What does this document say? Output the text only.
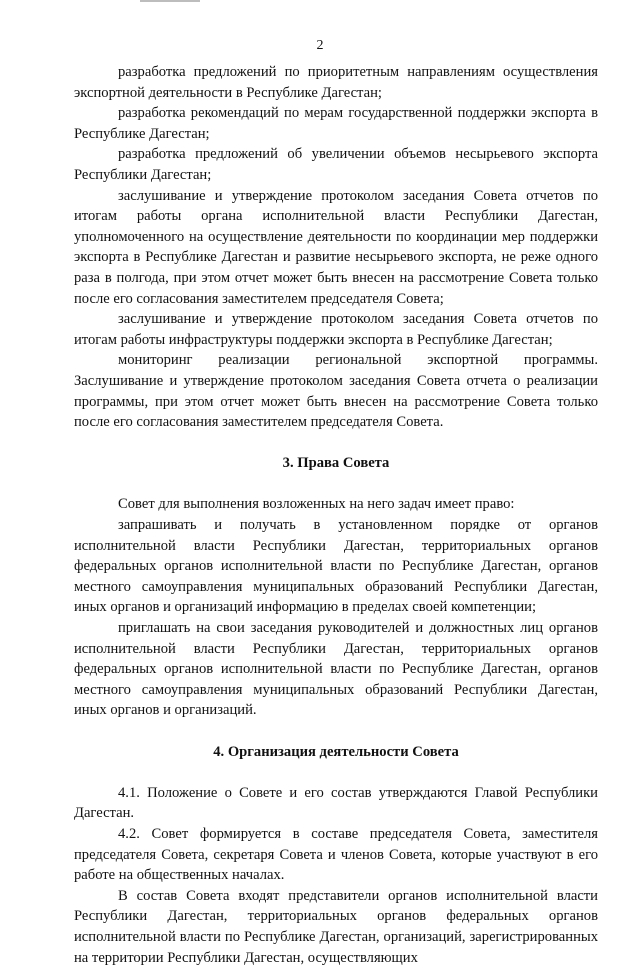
2

разработка предложений по приоритетным направлениям осуществления экспортной деятельности в Республике Дагестан;

разработка рекомендаций по мерам государственной поддержки экспорта в Республике Дагестан;

разработка предложений об увеличении объемов несырьевого экспорта Республики Дагестан;

заслушивание и утверждение протоколом заседания Совета отчетов по итогам работы органа исполнительной власти Республики Дагестан, уполномоченного на осуществление деятельности по координации мер поддержки экспорта в Республике Дагестан и развитие несырьевого экспорта, не реже одного раза в полгода, при этом отчет может быть внесен на рассмотрение Совета только после его согласования заместителем председателя Совета;

заслушивание и утверждение протоколом заседания Совета отчетов по итогам работы инфраструктуры поддержки экспорта в Республике Дагестан;

мониторинг реализации региональной экспортной программы. Заслушивание и утверждение протоколом заседания Совета отчета о реализации программы, при этом отчет может быть внесен на рассмотрение Совета только после его согласования заместителем председателя Совета.

3. Права Совета

Совет для выполнения возложенных на него задач имеет право:

запрашивать и получать в установленном порядке от органов исполнительной власти Республики Дагестан, территориальных органов федеральных органов исполнительной власти по Республике Дагестан, органов местного самоуправления муниципальных образований Республики Дагестан, иных органов и организаций информацию в пределах своей компетенции;

приглашать на свои заседания руководителей и должностных лиц органов исполнительной власти Республики Дагестан, территориальных органов федеральных органов исполнительной власти по Республике Дагестан, органов местного самоуправления муниципальных образований Республики Дагестан, иных органов и организаций.

4. Организация деятельности Совета

4.1. Положение о Совете и его состав утверждаются Главой Республики Дагестан.

4.2. Совет формируется в составе председателя Совета, заместителя председателя Совета, секретаря Совета и членов Совета, которые участвуют в его работе на общественных началах.

В состав Совета входят представители органов исполнительной власти Республики Дагестан, территориальных органов федеральных органов исполнительной власти по Республике Дагестан, организаций, зарегистрированных на территории Республики Дагестан, осуществляющих
